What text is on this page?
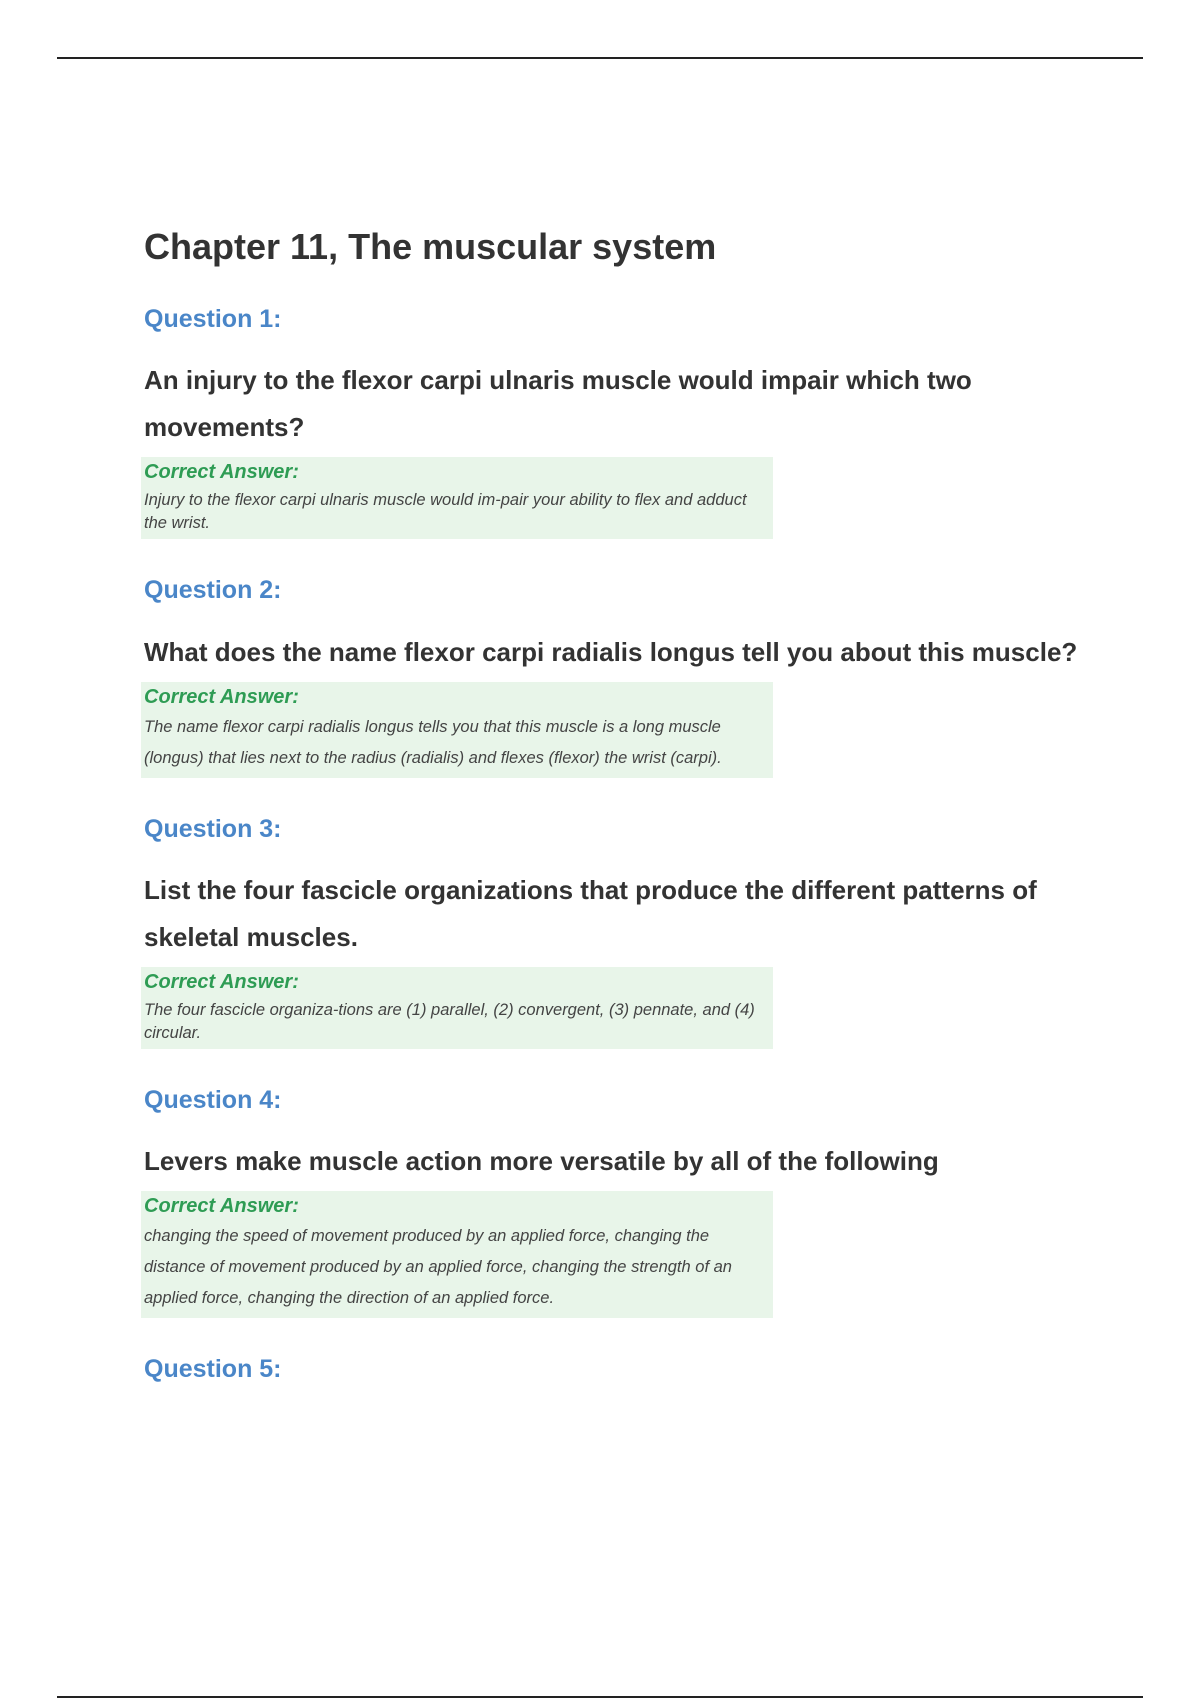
Chapter 11, The muscular system
Question 1:
An injury to the flexor carpi ulnaris muscle would impair which two movements?
Correct Answer:
Injury to the flexor carpi ulnaris muscle would im-pair your ability to flex and adduct the wrist.
Question 2:
What does the name flexor carpi radialis longus tell you about this muscle?
Correct Answer:
The name flexor carpi radialis longus tells you that this muscle is a long muscle (longus) that lies next to the radius (radialis) and flexes (flexor) the wrist (carpi).
Question 3:
List the four fascicle organizations that produce the different patterns of skeletal muscles.
Correct Answer:
The four fascicle organiza-tions are (1) parallel, (2) convergent, (3) pennate, and (4) circular.
Question 4:
Levers make muscle action more versatile by all of the following
Correct Answer:
changing the speed of movement produced by an applied force, changing the distance of movement produced by an applied force, changing the strength of an applied force, changing the direction of an applied force.
Question 5:
